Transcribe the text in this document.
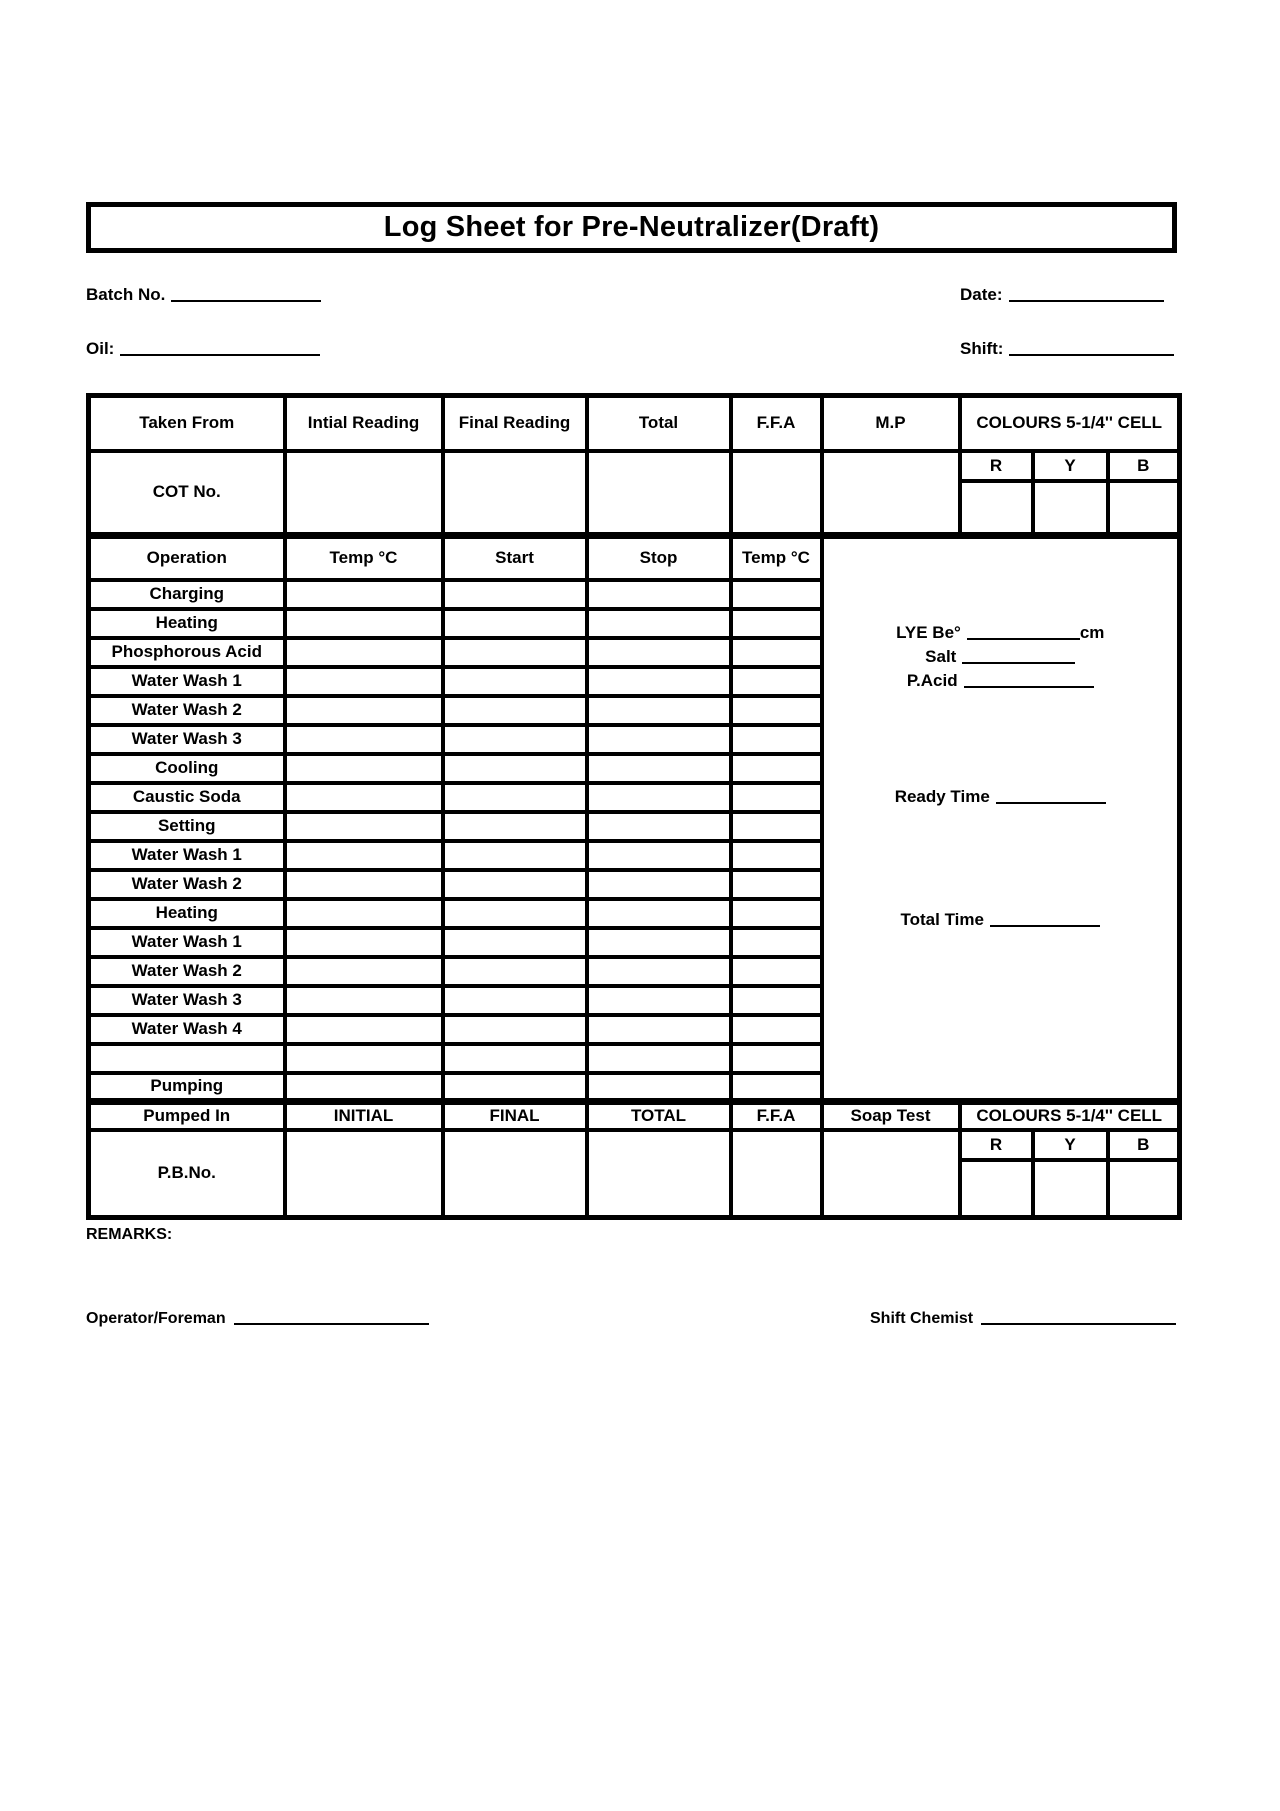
Log Sheet for Pre-Neutralizer(Draft)
Batch No.	Date:
Oil:	Shift:
Taken From	Intial Reading	Final Reading	Total	F.F.A	M.P	COLOURS 5-1/4'' CELL		
COT No.						R	Y	B

Operation	Temp °C	Start	Stop	Temp °C	LYE Be° cm
Salt
P.Acid
Ready Time
Total Time			

Charging								
Heating								
Phosphorous Acid								
Water Wash 1								
Water Wash 2								
Water Wash 3								
Cooling								
Caustic Soda								
Setting								
Water Wash 1								
Water Wash 2								
Heating								
Water Wash 1								
Water Wash 2								
Water Wash 3								
Water Wash 4								

Pumping								
Pumped In	INITIAL	FINAL	TOTAL	F.F.A	Soap Test	COLOURS 5-1/4'' CELL		
P.B.No.						R	Y	B

REMARKS:
Operator/Foreman	Shift Chemist
